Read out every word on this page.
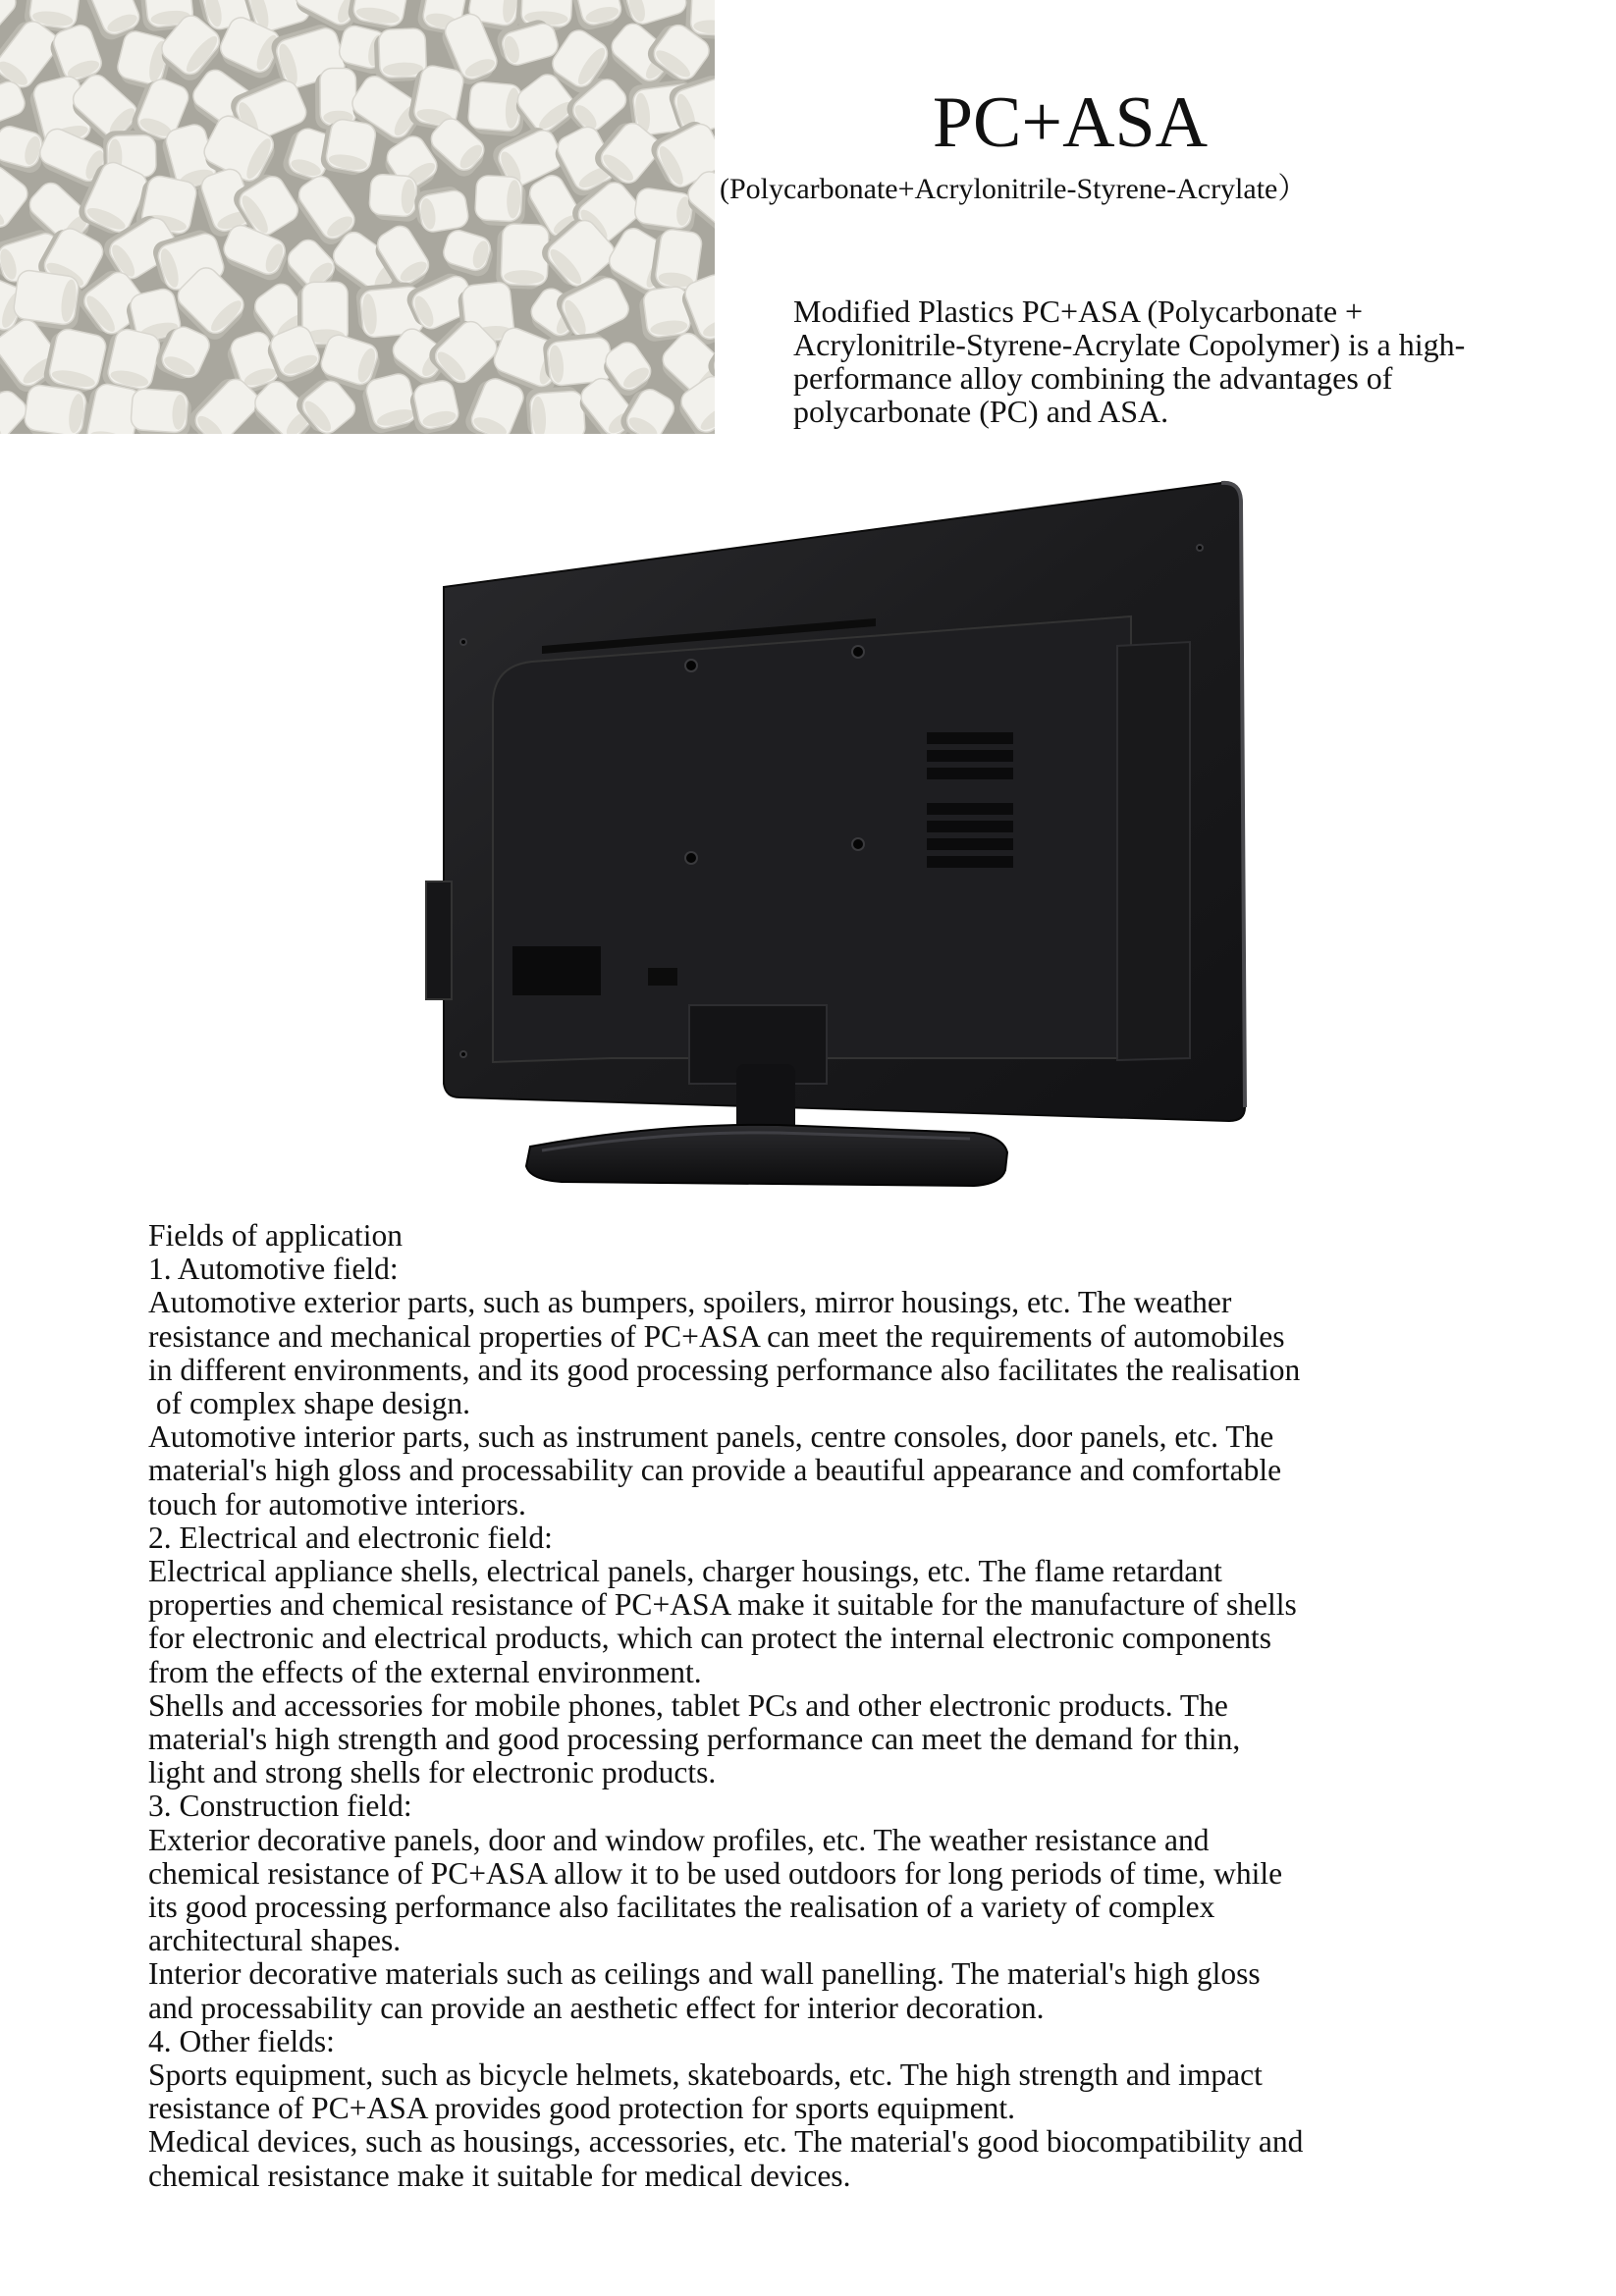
PC+ASA
(Polycarbonate+Acrylonitrile-Styrene-Acrylate）
Modified Plastics PC+ASA (Polycarbonate + Acrylonitrile-Styrene-Acrylate Copolymer) is a high-performance alloy combining the advantages of polycarbonate (PC) and ASA.

Fields of application

1. Automotive field:

Automotive exterior parts, such as bumpers, spoilers, mirror housings, etc. The weather

resistance and mechanical properties of PC+ASA can meet the requirements of automobiles

in different environments, and its good processing performance also facilitates the realisation

of complex shape design.

Automotive interior parts, such as instrument panels, centre consoles, door panels, etc. The

material's high gloss and processability can provide a beautiful appearance and comfortable

touch for automotive interiors.

2. Electrical and electronic field:

Electrical appliance shells, electrical panels, charger housings, etc. The flame retardant

properties and chemical resistance of PC+ASA make it suitable for the manufacture of shells

for electronic and electrical products, which can protect the internal electronic components

from the effects of the external environment.

Shells and accessories for mobile phones, tablet PCs and other electronic products. The

material's high strength and good processing performance can meet the demand for thin,

light and strong shells for electronic products.

3. Construction field:

Exterior decorative panels, door and window profiles, etc. The weather resistance and

chemical resistance of PC+ASA allow it to be used outdoors for long periods of time, while

its good processing performance also facilitates the realisation of a variety of complex

architectural shapes.

Interior decorative materials such as ceilings and wall panelling. The material's high gloss

and processability can provide an aesthetic effect for interior decoration.

4. Other fields:

Sports equipment, such as bicycle helmets, skateboards, etc. The high strength and impact

resistance of PC+ASA provides good protection for sports equipment.

Medical devices, such as housings, accessories, etc. The material's good biocompatibility and

chemical resistance make it suitable for medical devices.
